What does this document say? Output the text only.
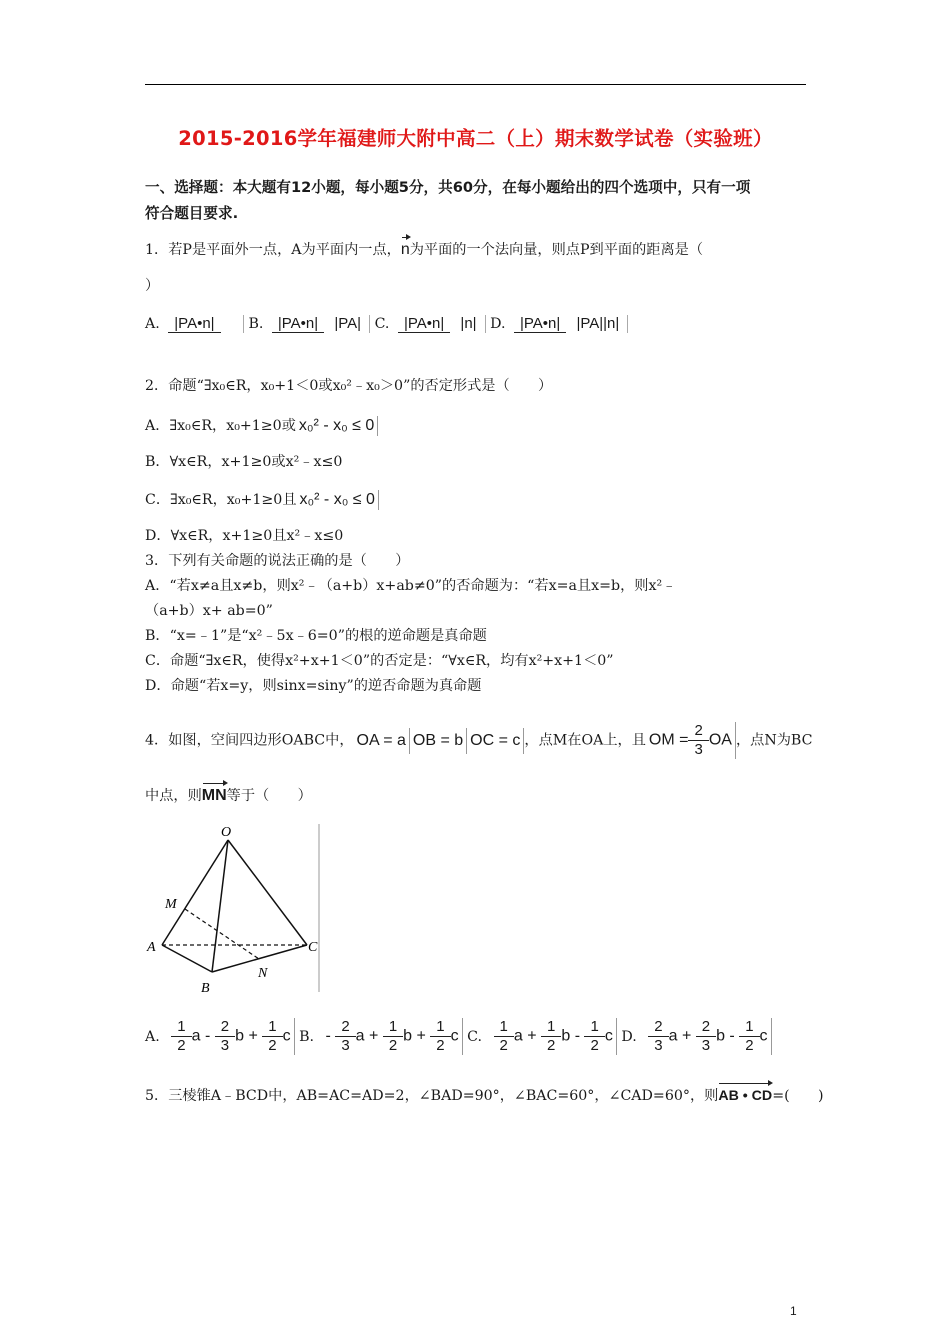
2015-2016学年福建师大附中高二（上）期末数学试卷（实验班）
一、选择题：本大题有12小题，每小题5分，共60分，在每小题给出的四个选项中，只有一项
符合题目要求.
1．若P是平面外一点，A为平面内一点，n为平面的一个法向量，则点P到平面的距离是（
）
A. |PA•n| B. |PA•n| |PA| C. |PA•n| |n| D. |PA•n| |PA||n|
2．命题“∃x₀∈R，x₀+1＜0或x₀²﹣x₀＞0”的否定形式是（　　）
A．∃x₀∈R，x₀+1≥0或 x₀² - x₀ ≤ 0
B．∀x∈R，x+1≥0或x²﹣x≤0
C．∃x₀∈R，x₀+1≥0且 x₀² - x₀ ≤ 0
D．∀x∈R，x+1≥0且x²﹣x≤0
3．下列有关命题的说法正确的是（　　）
A．“若x≠a且x≠b，则x²﹣（a+b）x+ab≠0”的否命题为：“若x=a且x=b，则x²﹣
（a+b）x+ ab=0”
B．“x=﹣1”是“x²﹣5x﹣6=0”的根的逆命题是真命题
C．命题“∃x∈R，使得x²+x+1＜0”的否定是：“∀x∈R，均有x²+x+1＜0”
D．命题“若x=y，则sinx=siny”的逆否命题为真命题
4．如图，空间四边形OABC中， OA = a OB = b OC = c ，点M在OA上，且 OM = $\frac{2}{3}$ OA ，点N为BC
中点，则MN等于（　　）
O
M
A	C
N
B
A. $\frac{1}{2}$ a - $\frac{2}{3}$ $b + \frac{1}{2}$ c B. - $\frac{2}{3}$ $a + \frac{1}{2}$ $b + \frac{1}{2}$ c C. $\frac{1}{2}$ $a + \frac{1}{2}$ b - $\frac{1}{2}$ c D. $\frac{2}{3}$ $a + \frac{2}{3}$ b - $\frac{1}{2}$ c
5．三棱锥A﹣BCD中，AB=AC=AD=2，∠BAD=90°，∠BAC=60°，∠CAD=60°，则AB • CD=(　　)
1
